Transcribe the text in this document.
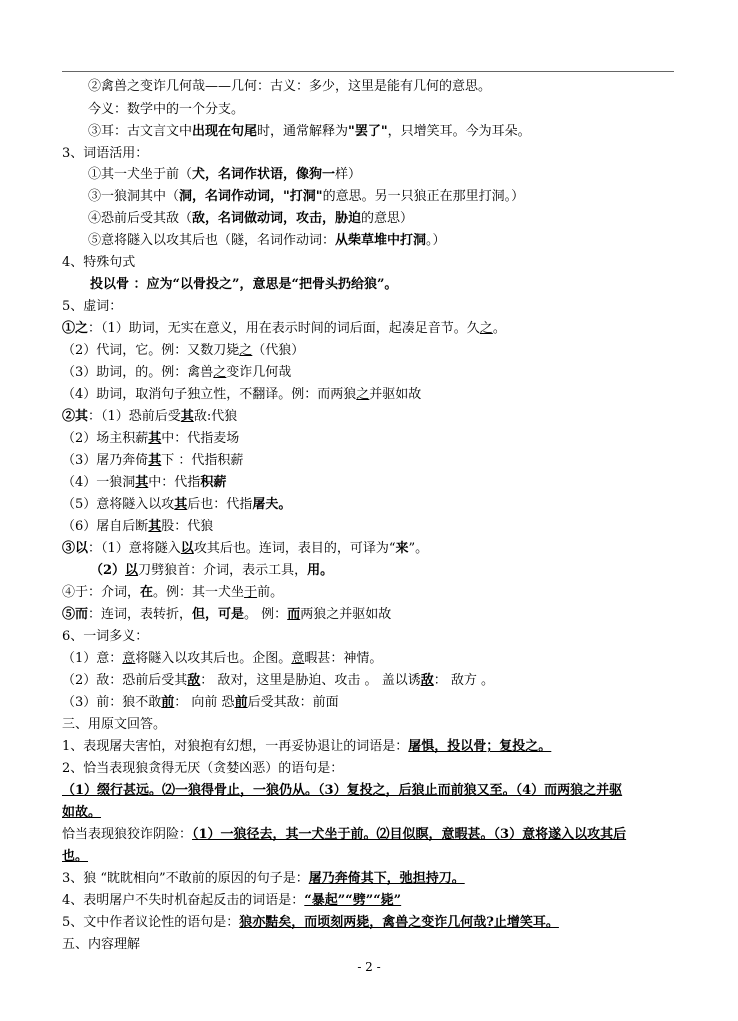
②禽兽之变诈几何哉——几何：古义：多少，这里是能有几何的意思。
今义：数学中的一个分支。
③耳：古文言文中出现在句尾时，通常解释为"罢了"，只增笑耳。今为耳朵。
3、词语活用：
①其一犬坐于前（犬，名词作状语，像狗一样）
③一狼洞其中（洞，名词作动词，"打洞"的意思。另一只狼正在那里打洞。）
④恐前后受其敌（敌，名词做动词，攻击，胁迫的意思）
⑤意将隧入以攻其后也（隧，名词作动词：从柴草堆中打洞。）
4、特殊句式
投以骨 ：应为“以骨投之”，意思是“把骨头扔给狼”。
5、虚词：
①之：（1）助词，无实在意义，用在表示时间的词后面，起凑足音节。久之。
（2）代词，它。例：又数刀毙之（代狼）
（3）助词，的。例：禽兽之变诈几何哉
（4）助词，取消句子独立性，不翻译。例：而两狼之并驱如故
②其：（1）恐前后受其敌:代狼
（2）场主积薪其中：代指麦场
（3）屠乃奔倚其下 ：代指积薪
（4）一狼洞其中：代指积薪
（5）意将隧入以攻其后也：代指屠夫。
（6）屠自后断其股：代狼
③以：（1）意将隧入以攻其后也。连词，表目的，可译为“来”。
（2）以刀劈狼首：介词，表示工具，用。
④于：介词，在。例：其一犬坐于前。
⑤而：连词，表转折，但，可是。 例：而两狼之并驱如故
6、一词多义：
（1）意：意将隧入以攻其后也。企图。意暇甚：神情。
（2）敌：恐前后受其敌： 敌对，这里是胁迫、攻击 。 盖以诱敌： 敌方 。
（3）前：狼不敢前： 向前 恐前后受其敌：前面
三、用原文回答。
1、表现屠夫害怕，对狼抱有幻想，一再妥协退让的词语是：屠惧，投以骨；复投之。
2、恰当表现狼贪得无厌（贪婪凶恶）的语句是：
（1）缀行甚远。⑵一狼得骨止，一狼仍从。（3）复投之，后狼止而前狼又至。（4）而两狼之并驱
如故。
恰当表现狼狡诈阴险：（1）一狼径去，其一犬坐于前。⑵目似瞑，意暇甚。（3）意将遂入以攻其后
也。
3、狼 “眈眈相向”不敢前的原因的句子是：屠乃奔倚其下，弛担持刀。
4、表明屠户不失时机奋起反击的词语是：“暴起”“劈”“毙”
5、文中作者议论性的语句是：狼亦黠矣，而顷刻两毙，禽兽之变诈几何哉?止增笑耳。
五、内容理解
- 2 -
